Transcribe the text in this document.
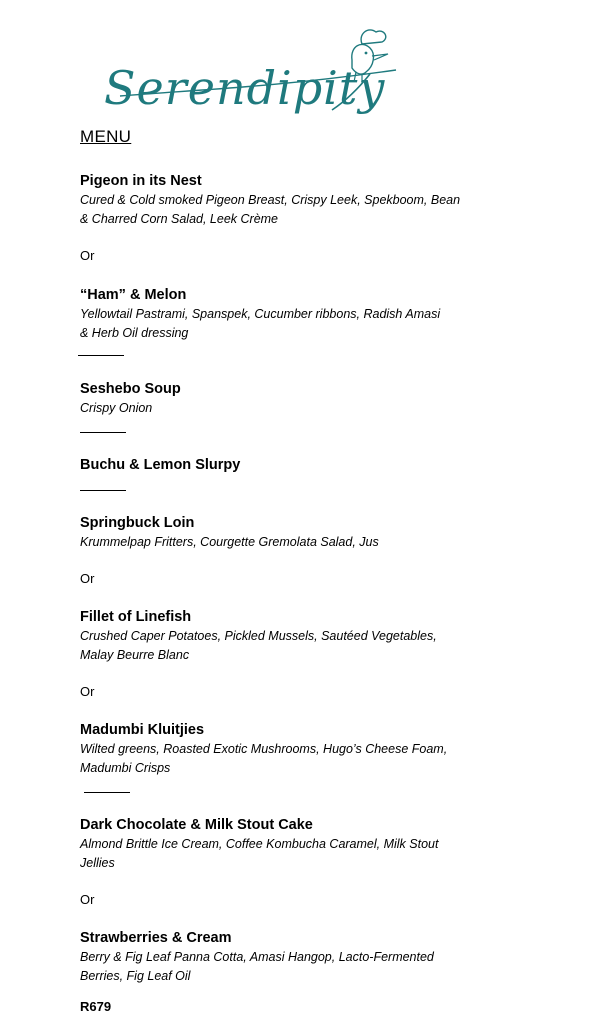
Serendipity
MENU
Pigeon in its Nest
Cured & Cold smoked Pigeon Breast, Crispy Leek, Spekboom, Bean
& Charred Corn Salad, Leek Crème
Or
“Ham” & Melon
Yellowtail Pastrami, Spanspek, Cucumber ribbons, Radish Amasi
& Herb Oil dressing
Seshebo Soup
Crispy Onion
Buchu & Lemon Slurpy
Springbuck Loin
Krummelpap Fritters, Courgette Gremolata Salad, Jus
Or
Fillet of Linefish
Crushed Caper Potatoes, Pickled Mussels, Sautéed Vegetables,
Malay Beurre Blanc
Or
Madumbi Kluitjies
Wilted greens, Roasted Exotic Mushrooms, Hugo’s Cheese Foam,
Madumbi Crisps
Dark Chocolate & Milk Stout Cake
Almond Brittle Ice Cream, Coffee Kombucha Caramel, Milk Stout
Jellies
Or
Strawberries & Cream
Berry & Fig Leaf Panna Cotta, Amasi Hangop, Lacto-Fermented
Berries, Fig Leaf Oil
R679
